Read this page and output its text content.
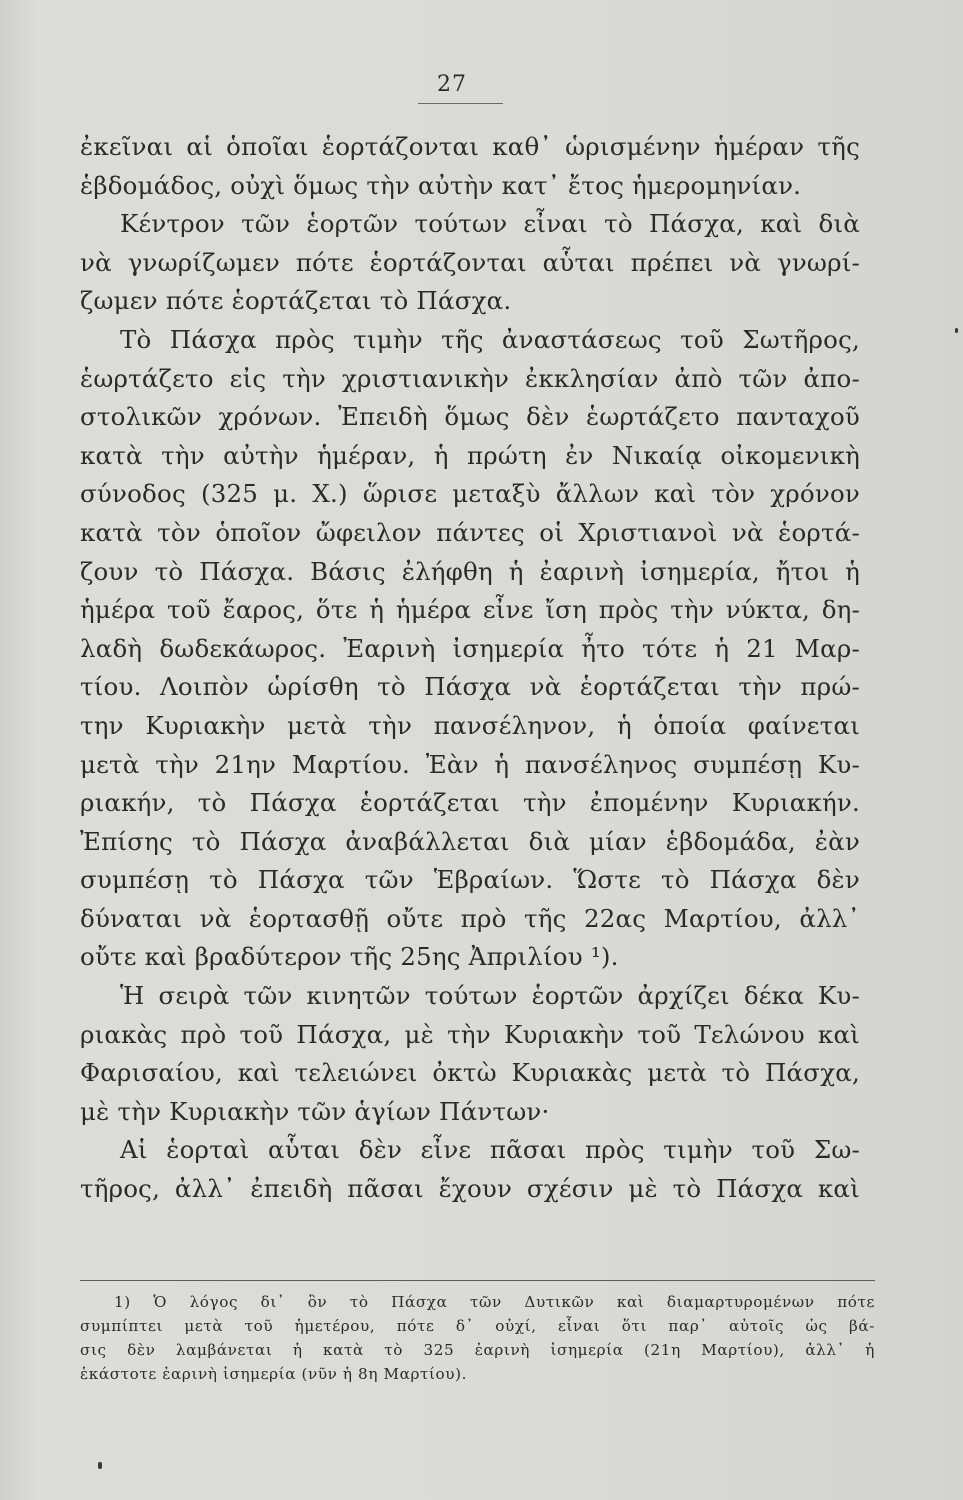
27
ἐκεῖναι αἱ ὁποῖαι ἑορτάζονται καθ᾿ ὡρισμένην ἡμέραν τῆς
ἑβδομάδος, οὐχὶ ὅμως τὴν αὐτὴν κατ᾿ ἔτος ἡμερομηνίαν.
Κέντρον τῶν ἑορτῶν τούτων εἶναι τὸ Πάσχα, καὶ διὰ
νὰ γνωρίζωμεν πότε ἑορτάζονται αὗται πρέπει νὰ γνωρί-
ζωμεν πότε ἑορτάζεται τὸ Πάσχα.
Τὸ Πάσχα πρὸς τιμὴν τῆς ἀναστάσεως τοῦ Σωτῆρος,
ἑωρτάζετο εἰς τὴν χριστιανικὴν ἐκκλησίαν ἀπὸ τῶν ἀπο-
στολικῶν χρόνων. Ἐπειδὴ ὅμως δὲν ἑωρτάζετο πανταχοῦ
κατὰ τὴν αὐτὴν ἡμέραν, ἡ πρώτη ἐν Νικαίᾳ οἰκομενικὴ
σύνοδος (325 μ. Χ.) ὥρισε μεταξὺ ἄλλων καὶ τὸν χρόνον
κατὰ τὸν ὁποῖον ὤφειλον πάντες οἱ Χριστιανοὶ νὰ ἑορτά-
ζουν τὸ Πάσχα. Βάσις ἐλήφθη ἡ ἐαρινὴ ἰσημερία, ἤτοι ἡ
ἡμέρα τοῦ ἔαρος, ὅτε ἡ ἡμέρα εἶνε ἴση πρὸς τὴν νύκτα, δη-
λαδὴ δωδεκάωρος. Ἐαρινὴ ἰσημερία ἦτο τότε ἡ 21 Μαρ-
τίου. Λοιπὸν ὡρίσθη τὸ Πάσχα νὰ ἑορτάζεται τὴν πρώ-
την Κυριακὴν μετὰ τὴν πανσέληνον, ἡ ὁποία φαίνεται
μετὰ τὴν 21ην Μαρτίου. Ἐὰν ἡ πανσέληνος συμπέσῃ Κυ-
ριακήν, τὸ Πάσχα ἑορτάζεται τὴν ἐπομένην Κυριακήν.
Ἐπίσης τὸ Πάσχα ἀναβάλλεται διὰ μίαν ἑβδομάδα, ἐὰν
συμπέσῃ τὸ Πάσχα τῶν Ἑβραίων. Ὥστε τὸ Πάσχα δὲν
δύναται νὰ ἑορτασθῇ οὔτε πρὸ τῆς 22ας Μαρτίου, ἀλλ᾿
οὔτε καὶ βραδύτερον τῆς 25ης Ἀπριλίου ¹).
Ἡ σειρὰ τῶν κινητῶν τούτων ἑορτῶν ἀρχίζει δέκα Κυ-
ριακὰς πρὸ τοῦ Πάσχα, μὲ τὴν Κυριακὴν τοῦ Τελώνου καὶ
Φαρισαίου, καὶ τελειώνει ὀκτὼ Κυριακὰς μετὰ τὸ Πάσχα,
μὲ τὴν Κυριακὴν τῶν ἁγίων Πάντων·
Αἱ ἑορταὶ αὗται δὲν εἶνε πᾶσαι πρὸς τιμὴν τοῦ Σω-
τῆρος, ἀλλ᾿ ἐπειδὴ πᾶσαι ἔχουν σχέσιν μὲ τὸ Πάσχα καὶ
1) Ὁ λόγος δι᾿ ὃν τὸ Πάσχα τῶν Δυτικῶν καὶ διαμαρτυρομένων πότε
συμπίπτει μετὰ τοῦ ἡμετέρου, πότε δ᾿ οὐχί, εἶναι ὅτι παρ᾿ αὐτοῖς ὡς βά-
σις δὲν λαμβάνεται ἡ κατὰ τὸ 325 ἐαρινὴ ἰσημερία (21η Μαρτίου), ἀλλ᾿ ἡ
ἑκάστοτε ἐαρινὴ ἰσημερία (νῦν ἡ 8η Μαρτίου).
